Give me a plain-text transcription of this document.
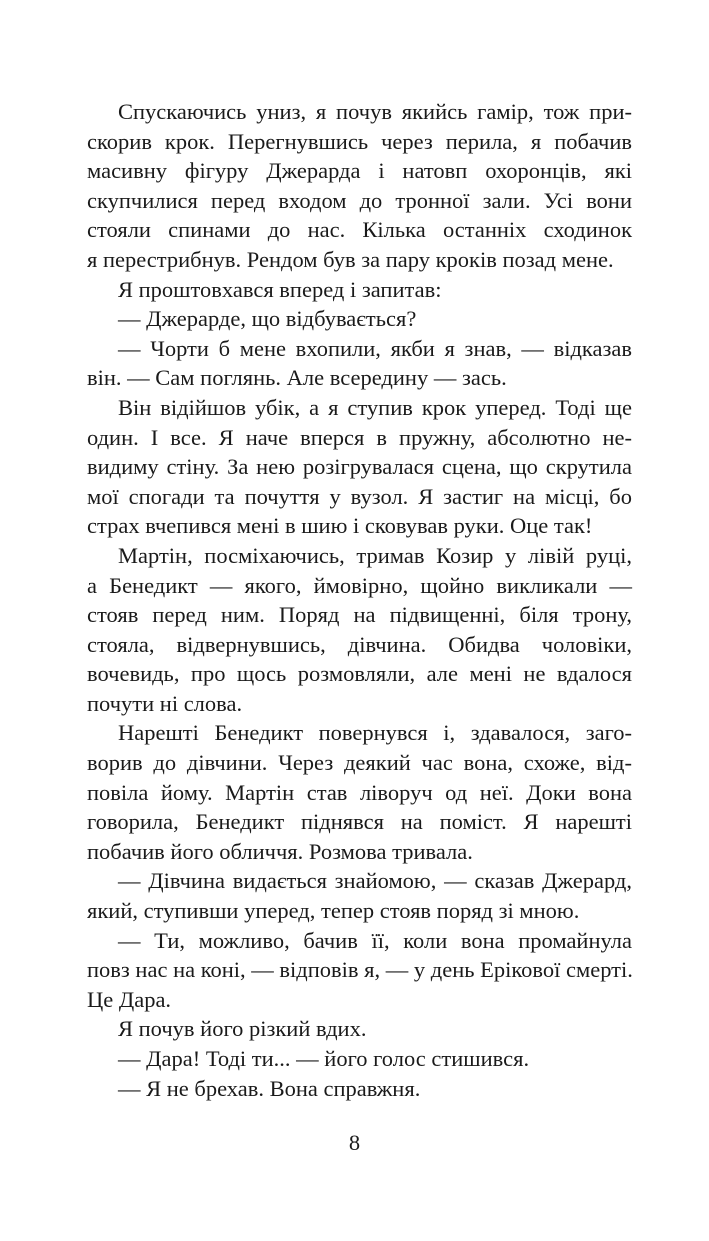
Спускаючись униз, я почув якийсь гамір, тож при-
скорив крок. Перегнувшись через перила, я побачив
масивну фігуру Джерарда і натовп охоронців, які
скупчилися перед входом до тронної зали. Усі вони
стояли спинами до нас. Кілька останніх сходинок
я перестрибнув. Рендом був за пару кроків позад мене.
Я проштовхався вперед і запитав:
— Джерарде, що відбувається?
— Чорти б мене вхопили, якби я знав, — відказав
він. — Сам поглянь. Але всередину — зась.
Він відійшов убік, а я ступив крок уперед. Тоді ще
один. І все. Я наче вперся в пружну, абсолютно не-
видиму стіну. За нею розігрувалася сцена, що скрутила
мої спогади та почуття у вузол. Я застиг на місці, бо
страх вчепився мені в шию і сковував руки. Оце так!
Мартін, посміхаючись, тримав Козир у лівій руці,
а Бенедикт — якого, ймовірно, щойно викликали —
стояв перед ним. Поряд на підвищенні, біля трону,
стояла, відвернувшись, дівчина. Обидва чоловіки,
вочевидь, про щось розмовляли, але мені не вдалося
почути ні слова.
Нарешті Бенедикт повернувся і, здавалося, заго-
ворив до дівчини. Через деякий час вона, схоже, від-
повіла йому. Мартін став ліворуч од неї. Доки вона
говорила, Бенедикт піднявся на поміст. Я нарешті
побачив його обличчя. Розмова тривала.
— Дівчина видається знайомою, — сказав Джерард,
який, ступивши уперед, тепер стояв поряд зі мною.
— Ти, можливо, бачив її, коли вона промайнула
повз нас на коні, — відповів я, — у день Ерікової смерті.
Це Дара.
Я почув його різкий вдих.
— Дара! Тоді ти... — його голос стишився.
— Я не брехав. Вона справжня.
8
